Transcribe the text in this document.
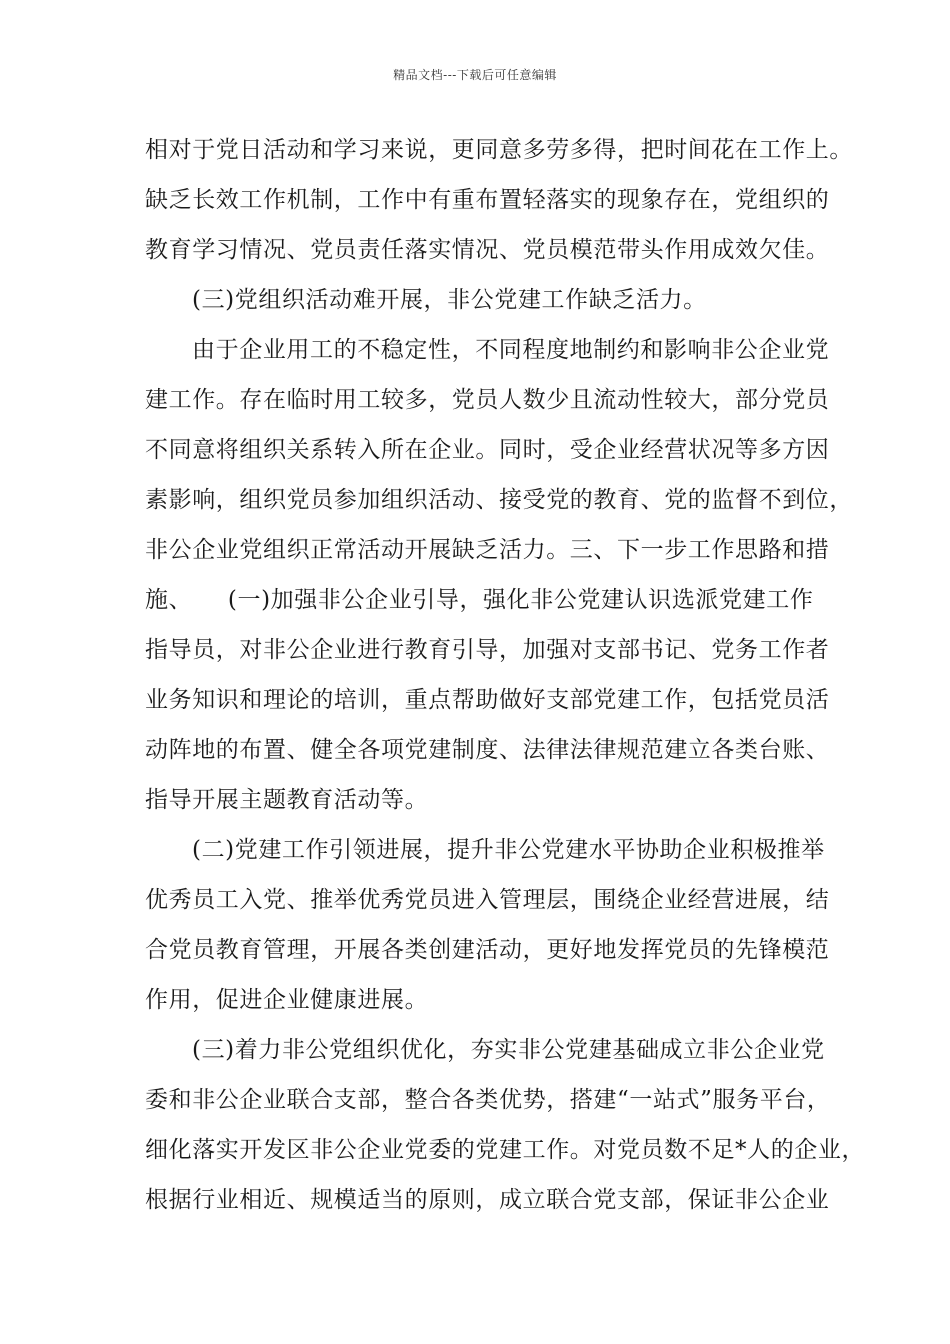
精品文档---下载后可任意编辑
相对于党日活动和学习来说，更同意多劳多得，把时间花在工作上。
缺乏长效工作机制，工作中有重布置轻落实的现象存在，党组织的
教育学习情况、党员责任落实情况、党员模范带头作用成效欠佳。
(三)党组织活动难开展，非公党建工作缺乏活力。
由于企业用工的不稳定性，不同程度地制约和影响非公企业党
建工作。存在临时用工较多，党员人数少且流动性较大，部分党员
不同意将组织关系转入所在企业。同时，受企业经营状况等多方因
素影响，组织党员参加组织活动、接受党的教育、党的监督不到位，
非公企业党组织正常活动开展缺乏活力。三、下一步工作思路和措
施、　　(一)加强非公企业引导，强化非公党建认识选派党建工作
指导员，对非公企业进行教育引导，加强对支部书记、党务工作者
业务知识和理论的培训，重点帮助做好支部党建工作，包括党员活
动阵地的布置、健全各项党建制度、法律法律规范建立各类台账、
指导开展主题教育活动等。
(二)党建工作引领进展，提升非公党建水平协助企业积极推举
优秀员工入党、推举优秀党员进入管理层，围绕企业经营进展，结
合党员教育管理，开展各类创建活动，更好地发挥党员的先锋模范
作用，促进企业健康进展。
(三)着力非公党组织优化，夯实非公党建基础成立非公企业党
委和非公企业联合支部，整合各类优势，搭建“一站式”服务平台，
细化落实开发区非公企业党委的党建工作。对党员数不足*人的企业，
根据行业相近、规模适当的原则，成立联合党支部，保证非公企业
